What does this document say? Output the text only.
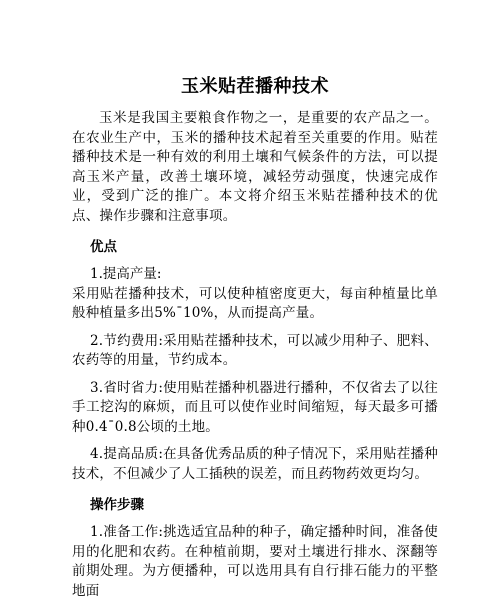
玉米贴茬播种技术

玉米是我国主要粮食作物之一，是重要的农产品之一。在农业生产中，玉米的播种技术起着至关重要的作用。贴茬播种技术是一种有效的利用土壤和气候条件的方法，可以提高玉米产量，改善土壤环境，减轻劳动强度，快速完成作业，受到广泛的推广。本文将介绍玉米贴茬播种技术的优点、操作步骤和注意事项。

优点
1.提高产量:

采用贴茬播种技术，可以使种植密度更大，每亩种植量比单般种植量多出5%¯10%，从而提高产量。

2.节约费用:采用贴茬播种技术，可以减少用种子、肥料、农药等的用量，节约成本。

3.省时省力:使用贴茬播种机器进行播种，不仅省去了以往手工挖沟的麻烦，而且可以使作业时间缩短，每天最多可播种0.4¯0.8公顷的土地。

4.提高品质:在具备优秀品质的种子情况下，采用贴茬播种技术，不但减少了人工插秧的误差，而且药物药效更均匀。

操作步骤

1.准备工作:挑选适宜品种的种子，确定播种时间，准备使用的化肥和农药。在种植前期，要对土壤进行排水、深翻等前期处理。为方便播种，可以选用具有自行排石能力的平整地面
